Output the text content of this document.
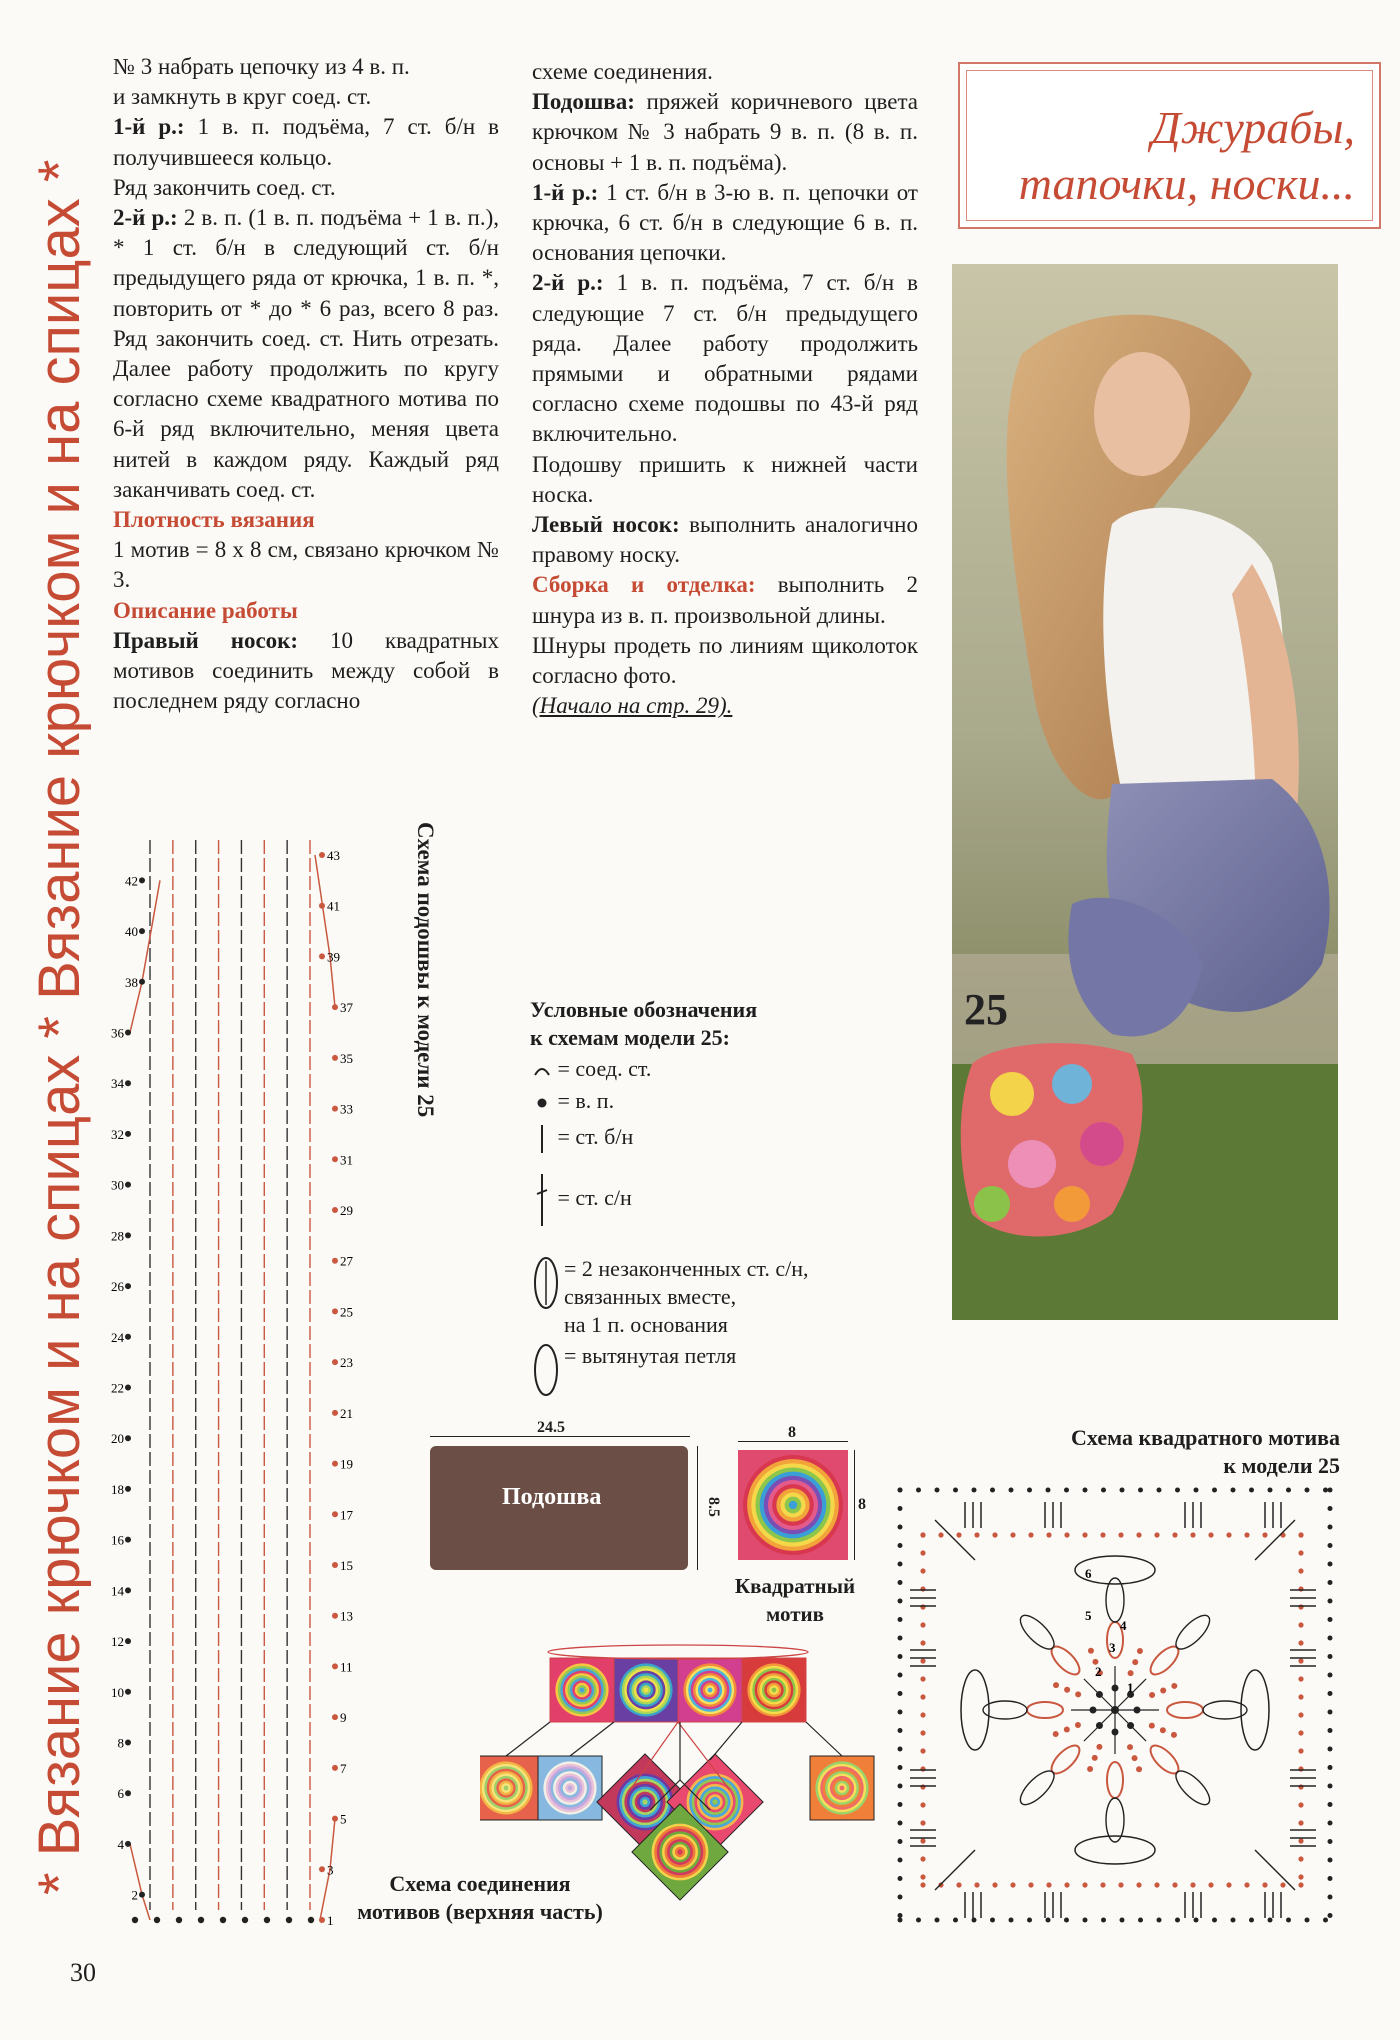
* Вязание крючком и на спицах * Вязание крючком и на спицах *

№ 3 набрать цепочку из 4 в. п.

и замкнуть в круг соед. ст.

1-й р.: 1 в. п. подъёма, 7 ст. б/н в получившееся кольцо.

Ряд закончить соед. ст.

2-й р.: 2 в. п. (1 в. п. подъёма + 1 в. п.), * 1 ст. б/н в следующий ст. б/н предыдущего ряда от крючка, 1 в. п. *, повторить от * до * 6 раз, всего 8 раз. Ряд закончить соед. ст. Нить отрезать. Далее работу продолжить по кругу согласно схеме квадратного мотива по 6-й ряд включительно, меняя цвета нитей в каждом ряду. Каждый ряд заканчивать соед. ст.

Плотность вязания

1 мотив = 8 х 8 см, связано крючком № 3.

Описание работы

Правый носок: 10 квадратных мотивов соединить между собой в последнем ряду согласно

схеме соединения.

Подошва: пряжей коричневого цвета крючком № 3 набрать 9 в. п. (8 в. п. основы + 1 в. п. подъёма).

1-й р.: 1 ст. б/н в 3-ю в. п. цепочки от крючка, 6 ст. б/н в следующие 6 в. п. основания цепочки.

2-й р.: 1 в. п. подъёма, 7 ст. б/н в следующие 7 ст. б/н предыдущего ряда. Далее работу продолжить прямыми и обратными рядами согласно схеме подошвы по 43-й ряд включительно.

Подошву пришить к нижней части носка.

Левый носок: выполнить аналогично правому носку.

Сборка и отделка: выполнить 2 шнура из в. п. произвольной длины.

Шнуры продеть по линиям щиколоток согласно фото.

(Начало на стр. 29).

Джурабы,
тапочки, носки...
25
42
40
38
36
34
32
30
28
26
24
22
20
18
16
14
12
10
8
6
4
2
43
41
39
37
35
33
31
29
27
25
23
21
19
17
15
13
11
9
7
5
3
1
Схема подошвы к модели 25	Условные обозначения
к схемам модели 25:
= соед. ст.
= в. п.
= ст. б/н
= ст. с/н
= 2 незаконченных ст. с/н,
связанных вместе,
на 1 п. основания
= вытянутая петля
24.5
Подошва	8.5
8
8
Квадратный
мотив
Схема соединения
мотивов (верхняя часть)
Схема квадратного мотива
к модели 25
1
2
3
4
5
6
30
